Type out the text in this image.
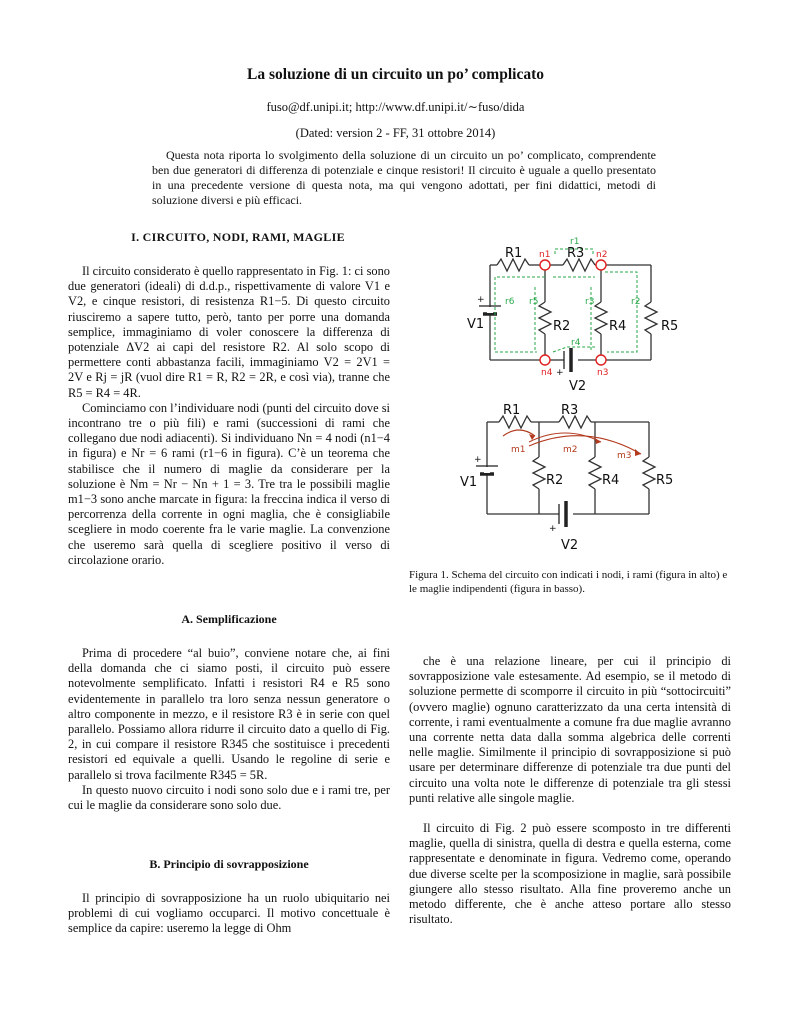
La soluzione di un circuito un po’ complicato
fuso@df.unipi.it; http://www.df.unipi.it/∼fuso/dida
(Dated: version 2 - FF, 31 ottobre 2014)

Questa nota riporta lo svolgimento della soluzione di un circuito un po’ complicato, comprendente ben due generatori di differenza di potenziale e cinque resistori! Il circuito è uguale a quello presentato in una precedente versione di questa nota, ma qui vengono adottati, per fini didattici, metodi di soluzione diversi e più efficaci.

I. CIRCUITO, NODI, RAMI, MAGLIE

Il circuito considerato è quello rappresentato in Fig. 1: ci sono due generatori (ideali) di d.d.p., rispettivamente di valore V1 e V2, e cinque resistori, di resistenza R1−5. Di questo circuito riusciremo a sapere tutto, però, tanto per porre una domanda semplice, immaginiamo di voler conoscere la differenza di potenziale ΔV2 ai capi del resistore R2. Al solo scopo di permettere conti abbastanza facili, immaginiamo V2 = 2V1 = 2V e Rj = jR (vuol dire R1 = R, R2 = 2R, e così via), tranne che R5 = R4 = 4R.

Cominciamo con l’individuare nodi (punti del circuito dove si incontrano tre o più fili) e rami (successioni di rami che collegano due nodi adiacenti). Si individuano Nn = 4 nodi (n1−4 in figura) e Nr = 6 rami (r1−6 in figura). C’è un teorema che stabilisce che il numero di maglie da considerare per la soluzione è Nm = Nr − Nn + 1 = 3. Tre tra le possibili maglie m1−3 sono anche marcate in figura: la freccina indica il verso di percorrenza della corrente in ogni maglia, che è consigliabile scegliere in modo coerente fra le varie maglie. La convenzione che useremo sarà quella di scegliere positivo il verso di circolazione orario.

A. Semplificazione

Prima di procedere “al buio”, conviene notare che, ai fini della domanda che ci siamo posti, il circuito può essere notevolmente semplificato. Infatti i resistori R4 e R5 sono evidentemente in parallelo tra loro senza nessun generatore o altro componente in mezzo, e il resistore R3 è in serie con quel parallelo. Possiamo allora ridurre il circuito dato a quello di Fig. 2, in cui compare il resistore R345 che sostituisce i precedenti resistori ed equivale a quelli. Usando le regoline di serie e parallelo si trova facilmente R345 = 5R.

In questo nuovo circuito i nodi sono solo due e i rami tre, per cui le maglie da considerare sono solo due.

B. Principio di sovrapposizione

Il principio di sovrapposizione ha un ruolo ubiquitario nei problemi di cui vogliamo occuparci. Il motivo concettuale è semplice da capire: useremo la legge di Ohm

che è una relazione lineare, per cui il principio di sovrapposizione vale estesamente. Ad esempio, se il metodo di soluzione permette di scomporre il circuito in più “sottocircuiti” (ovvero maglie) ognuno caratterizzato da una certa intensità di corrente, i rami eventualmente a comune fra due maglie avranno una corrente netta data dalla somma algebrica delle correnti nelle maglie. Similmente il principio di sovrapposizione si può usare per determinare differenze di potenziale tra due punti del circuito una volta note le differenze di potenziale tra gli stessi punti relative alle singole maglie.

Il circuito di Fig. 2 può essere scomposto in tre differenti maglie, quella di sinistra, quella di destra e quella esterna, come rappresentate e denominate in figura. Vedremo come, operando due diverse scelte per la scomposizione in maglie, sarà possibile giungere allo stesso risultato. Alla fine proveremo anche un metodo differente, che è anche atteso portare allo stesso risultato.

R1	R3
R2	R4	R5
V1
V2
+
+
n1	n2
n4	n3
r1
r2
r3
r4
r5
r6
R1	R3
R2	R4	R5
V1
V2
+
+
m1	m2
m3
Figura 1. Schema del circuito con indicati i nodi, i rami (figura in alto) e le maglie indipendenti (figura in basso).
